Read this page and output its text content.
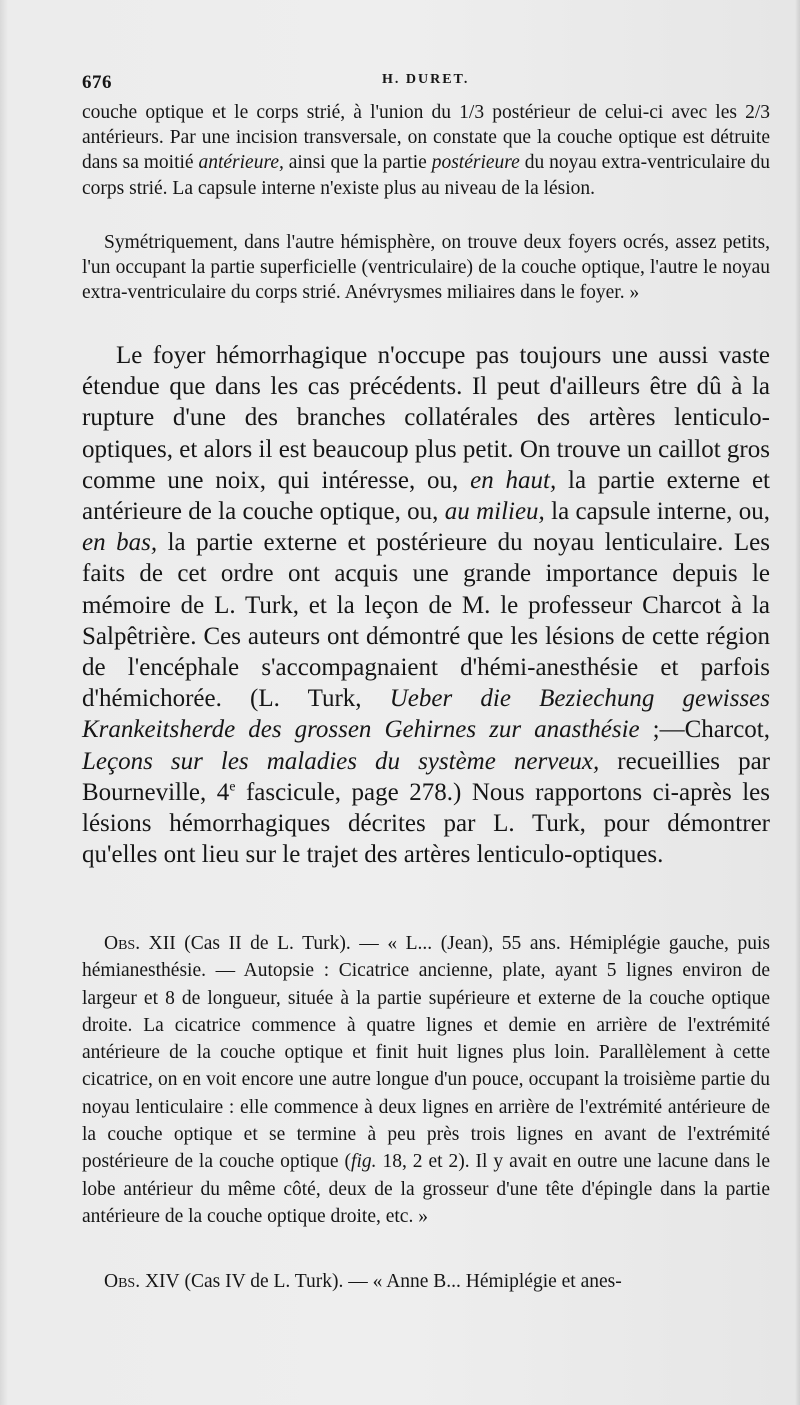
676	H. DURET.

couche optique et le corps strié, à l'union du 1/3 postérieur de celui-ci avec les 2/3 antérieurs. Par une incision transversale, on constate que la couche optique est détruite dans sa moitié antérieure, ainsi que la partie postérieure du noyau extra-ventriculaire du corps strié. La capsule interne n'existe plus au niveau de la lésion.

Symétriquement, dans l'autre hémisphère, on trouve deux foyers ocrés, assez petits, l'un occupant la partie superficielle (ventriculaire) de la couche optique, l'autre le noyau extra-ventriculaire du corps strié. Anévrysmes miliaires dans le foyer. »

Le foyer hémorrhagique n'occupe pas toujours une aussi vaste étendue que dans les cas précédents. Il peut d'ailleurs être dû à la rupture d'une des branches collatérales des artères lenticulo-optiques, et alors il est beaucoup plus petit. On trouve un caillot gros comme une noix, qui intéresse, ou, en haut, la partie externe et antérieure de la couche optique, ou, au milieu, la capsule interne, ou, en bas, la partie externe et postérieure du noyau lenticulaire. Les faits de cet ordre ont acquis une grande importance depuis le mémoire de L. Turk, et la leçon de M. le professeur Charcot à la Salpêtrière. Ces auteurs ont démontré que les lésions de cette région de l'encéphale s'accompagnaient d'hémi-anesthésie et parfois d'hémichorée. (L. Turk, Ueber die Beziechung gewisses Krankeitsherde des grossen Gehirnes zur anasthésie ;—Charcot, Leçons sur les maladies du système nerveux, recueillies par Bourneville, 4e fascicule, page 278.) Nous rapportons ci-après les lésions hémorrhagiques décrites par L. Turk, pour démontrer qu'elles ont lieu sur le trajet des artères lenticulo-optiques.

Obs. XII (Cas II de L. Turk). — « L... (Jean), 55 ans. Hémiplégie gauche, puis hémianesthésie. — Autopsie : Cicatrice ancienne, plate, ayant 5 lignes environ de largeur et 8 de longueur, située à la partie supérieure et externe de la couche optique droite. La cicatrice commence à quatre lignes et demie en arrière de l'extrémité antérieure de la couche optique et finit huit lignes plus loin. Parallèlement à cette cicatrice, on en voit encore une autre longue d'un pouce, occupant la troisième partie du noyau lenticulaire : elle commence à deux lignes en arrière de l'extrémité antérieure de la couche optique et se termine à peu près trois lignes en avant de l'extrémité postérieure de la couche optique (fig. 18, 2 et 2). Il y avait en outre une lacune dans le lobe antérieur du même côté, deux de la grosseur d'une tête d'épingle dans la partie antérieure de la couche optique droite, etc. »

Obs. XIV (Cas IV de L. Turk). — « Anne B... Hémiplégie et anes-
